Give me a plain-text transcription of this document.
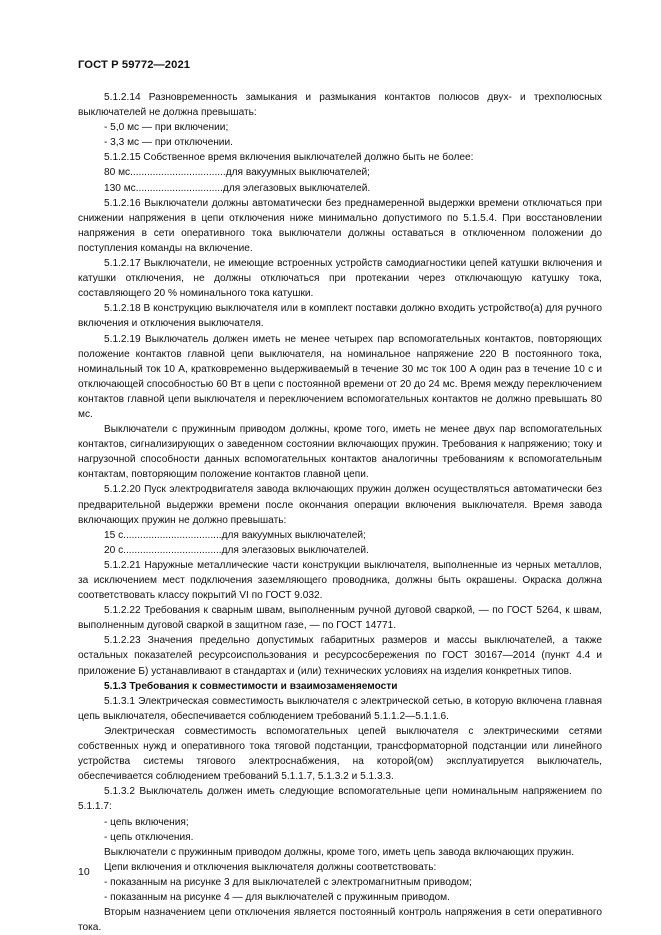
ГОСТ Р 59772—2021

5.1.2.14 Разновременность замыкания и размыкания контактов полюсов двух- и трехполюсных выключателей не должна превышать:

- 5,0 мс — при включении;

- 3,3 мс — при отключении.

5.1.2.15 Собственное время включения выключателей должно быть не более:

80 мс..................................для вакуумных выключателей;

130 мс...............................для элегазовых выключателей.

5.1.2.16 Выключатели должны автоматически без преднамеренной выдержки времени отключаться при снижении напряжения в цепи отключения ниже минимально допустимого по 5.1.5.4. При восстановлении напряжения в сети оперативного тока выключатели должны оставаться в отключенном положении до поступления команды на включение.

5.1.2.17 Выключатели, не имеющие встроенных устройств самодиагностики цепей катушки включения и катушки отключения, не должны отключаться при протекании через отключающую катушку тока, составляющего 20 % номинального тока катушки.

5.1.2.18 В конструкцию выключателя или в комплект поставки должно входить устройство(а) для ручного включения и отключения выключателя.

5.1.2.19 Выключатель должен иметь не менее четырех пар вспомогательных контактов, повторяющих положение контактов главной цепи выключателя, на номинальное напряжение 220 В постоянного тока, номинальный ток 10 А, кратковременно выдерживаемый в течение 30 мс ток 100 А один раз в течение 10 с и отключающей способностью 60 Вт в цепи с постоянной времени от 20 до 24 мс. Время между переключением контактов главной цепи выключателя и переключением вспомогательных контактов не должно превышать 80 мс.

Выключатели с пружинным приводом должны, кроме того, иметь не менее двух пар вспомогательных контактов, сигнализирующих о заведенном состоянии включающих пружин. Требования к напряжению; току и нагрузочной способности данных вспомогательных контактов аналогичны требованиям к вспомогательным контактам, повторяющим положение контактов главной цепи.

5.1.2.20 Пуск электродвигателя завода включающих пружин должен осуществляться автоматически без предварительной выдержки времени после окончания операции включения выключателя. Время завода включающих пружин не должно превышать:

15 с...................................для вакуумных выключателей;

20 с...................................для элегазовых выключателей.

5.1.2.21 Наружные металлические части конструкции выключателя, выполненные из черных металлов, за исключением мест подключения заземляющего проводника, должны быть окрашены. Окраска должна соответствовать классу покрытий VI по ГОСТ 9.032.

5.1.2.22 Требования к сварным швам, выполненным ручной дуговой сваркой, — по ГОСТ 5264, к швам, выполненным дуговой сваркой в защитном газе, — по ГОСТ 14771.

5.1.2.23 Значения предельно допустимых габаритных размеров и массы выключателей, а также остальных показателей ресурсоиспользования и ресурсосбережения по ГОСТ 30167—2014 (пункт 4.4 и приложение Б) устанавливают в стандартах и (или) технических условиях на изделия конкретных типов.

5.1.3 Требования к совместимости и взаимозаменяемости

5.1.3.1 Электрическая совместимость выключателя с электрической сетью, в которую включена главная цепь выключателя, обеспечивается соблюдением требований 5.1.1.2—5.1.1.6.

Электрическая совместимость вспомогательных цепей выключателя с электрическими сетями собственных нужд и оперативного тока тяговой подстанции, трансформаторной подстанции или линейного устройства системы тягового электроснабжения, на которой(ом) эксплуатируется выключатель, обеспечивается соблюдением требований 5.1.1.7, 5.1.3.2 и 5.1.3.3.

5.1.3.2 Выключатель должен иметь следующие вспомогательные цепи номинальным напряжением по 5.1.1.7:

- цепь включения;

- цепь отключения.

Выключатели с пружинным приводом должны, кроме того, иметь цепь завода включающих пружин.

Цепи включения и отключения выключателя должны соответствовать:

- показанным на рисунке 3 для выключателей с электромагнитным приводом;

- показанным на рисунке 4 — для выключателей с пружинным приводом.

Вторым назначением цепи отключения является постоянный контроль напряжения в сети оперативного тока.

10
